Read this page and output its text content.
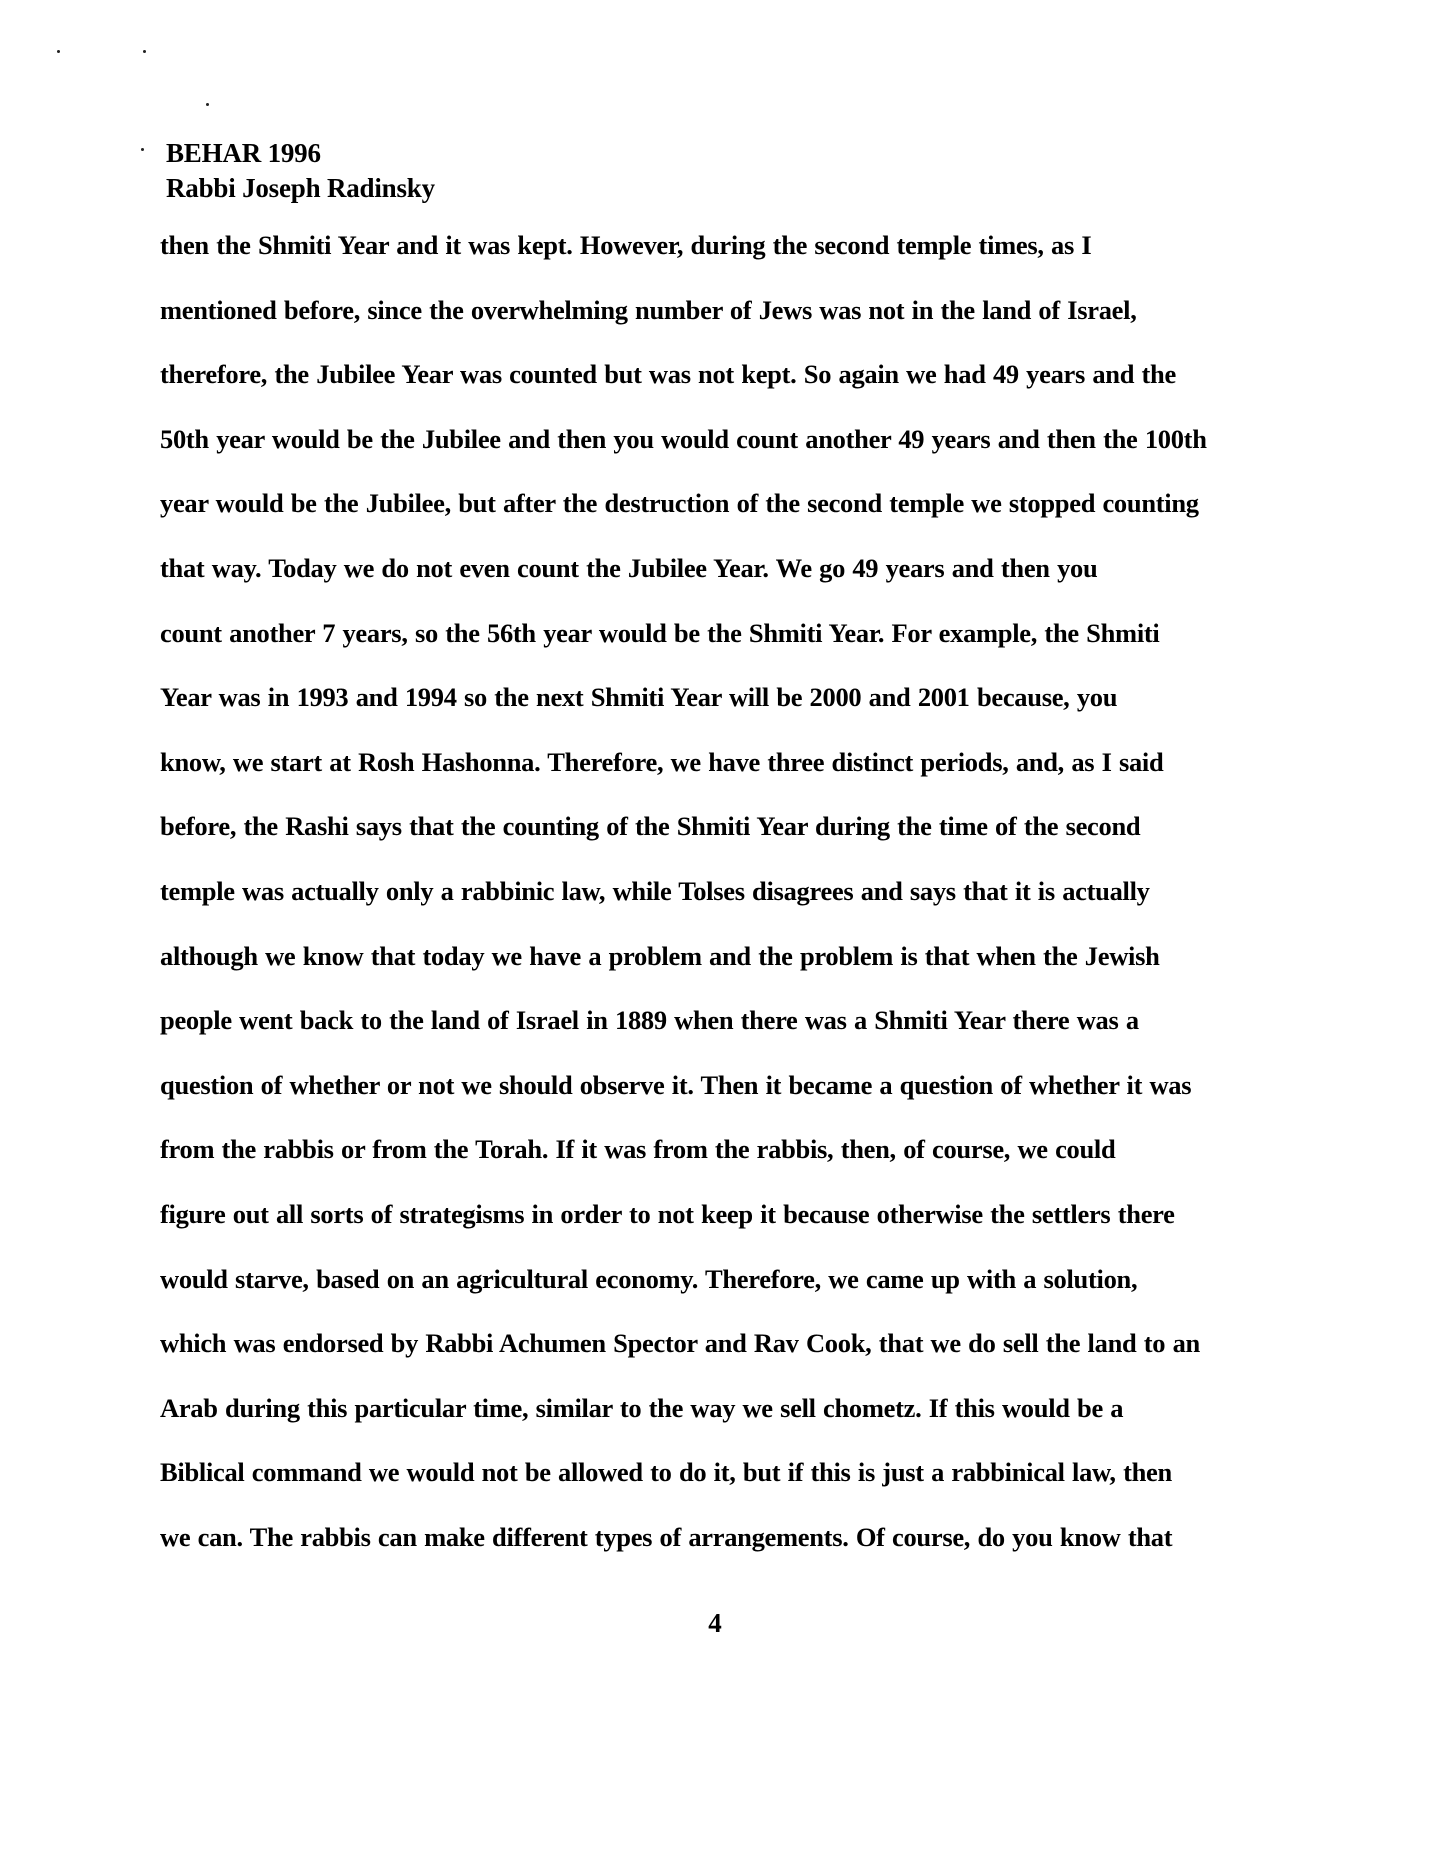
BEHAR 1996
Rabbi Joseph Radinsky
then the Shmiti Year and it was kept. However, during the second temple times, as I
mentioned before, since the overwhelming number of Jews was not in the land of Israel,
therefore, the Jubilee Year was counted but was not kept. So again we had 49 years and the
50th year would be the Jubilee and then you would count another 49 years and then the 100th
year would be the Jubilee, but after the destruction of the second temple we stopped counting
that way. Today we do not even count the Jubilee Year. We go 49 years and then you
count another 7 years, so the 56th year would be the Shmiti Year. For example, the Shmiti
Year was in 1993 and 1994 so the next Shmiti Year will be 2000 and 2001 because, you
know, we start at Rosh Hashonna. Therefore, we have three distinct periods, and, as I said
before, the Rashi says that the counting of the Shmiti Year during the time of the second
temple was actually only a rabbinic law, while Tolses disagrees and says that it is actually
although we know that today we have a problem and the problem is that when the Jewish
people went back to the land of Israel in 1889 when there was a Shmiti Year there was a
question of whether or not we should observe it. Then it became a question of whether it was
from the rabbis or from the Torah. If it was from the rabbis, then, of course, we could
figure out all sorts of strategisms in order to not keep it because otherwise the settlers there
would starve, based on an agricultural economy. Therefore, we came up with a solution,
which was endorsed by Rabbi Achumen Spector and Rav Cook, that we do sell the land to an
Arab during this particular time, similar to the way we sell chometz. If this would be a
Biblical command we would not be allowed to do it, but if this is just a rabbinical law, then
we can. The rabbis can make different types of arrangements. Of course, do you know that
4
